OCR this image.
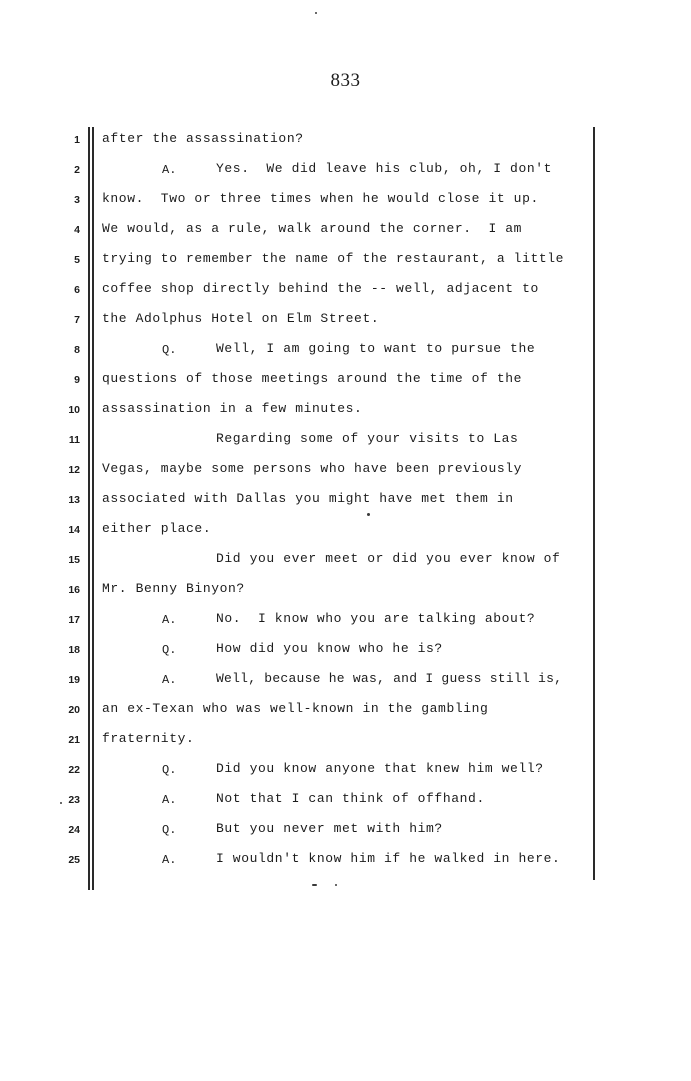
833
1 after the assassination?
2	A.	Yes.  We did leave his club, oh, I don't
3 know.  Two or three times when he would close it up.
4 We would, as a rule, walk around the corner.  I am
5 trying to remember the name of the restaurant, a little
6 coffee shop directly behind the -- well, adjacent to
7 the Adolphus Hotel on Elm Street.
8	Q.	Well, I am going to want to pursue the
9 questions of those meetings around the time of the
10 assassination in a few minutes.
11	Regarding some of your visits to Las
12 Vegas, maybe some persons who have been previously
13 associated with Dallas you might have met them in
14 either place.
15	Did you ever meet or did you ever know of
16 Mr. Benny Binyon?
17	A.	No.  I know who you are talking about?
18	Q.	How did you know who he is?
19	A.	Well, because he was, and I guess still is,
20 an ex-Texan who was well-known in the gambling
21 fraternity.
22	Q.	Did you know anyone that knew him well?
23	A.	Not that I can think of offhand.
24	Q.	But you never met with him?
25	A.	I wouldn't know him if he walked in here.
